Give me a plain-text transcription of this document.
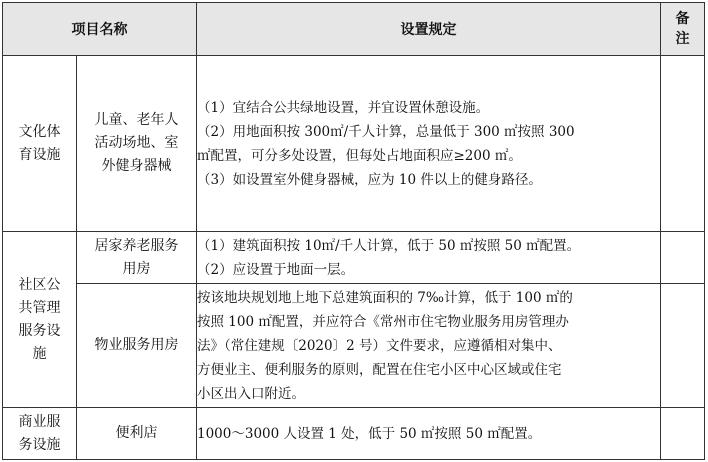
项目名称		设置规定	备
注

文化体
育设施	儿童、老年人
活动场地、室
外健身器械	（1）宜结合公共绿地设置，并宜设置休憩设施。
（2）用地面积按 300㎡/千人计算，总量低于 300 ㎡按照 300
㎡配置，可分多处设置，但每处占地面积应≥200 ㎡。
（3）如设置室外健身器械，应为 10 件以上的健身路径。	

社区公
共管理
服务设
施	居家养老服务
用房	（1）建筑面积按 10㎡/千人计算，低于 50 ㎡按照 50 ㎡配置。
（2）应设置于地面一层。	

	物业服务用房	按该地块规划地上地下总建筑面积的 7‰计算，低于 100 ㎡的
按照 100 ㎡配置，并应符合《常州市住宅物业服务用房管理办
法》（常住建规〔2020〕2 号）文件要求，应遵循相对集中、
方便业主、便利服务的原则，配置在住宅小区中心区域或住宅
小区出入口附近。	

商业服
务设施	便利店	1000～3000 人设置 1 处，低于 50 ㎡按照 50 ㎡配置。	
